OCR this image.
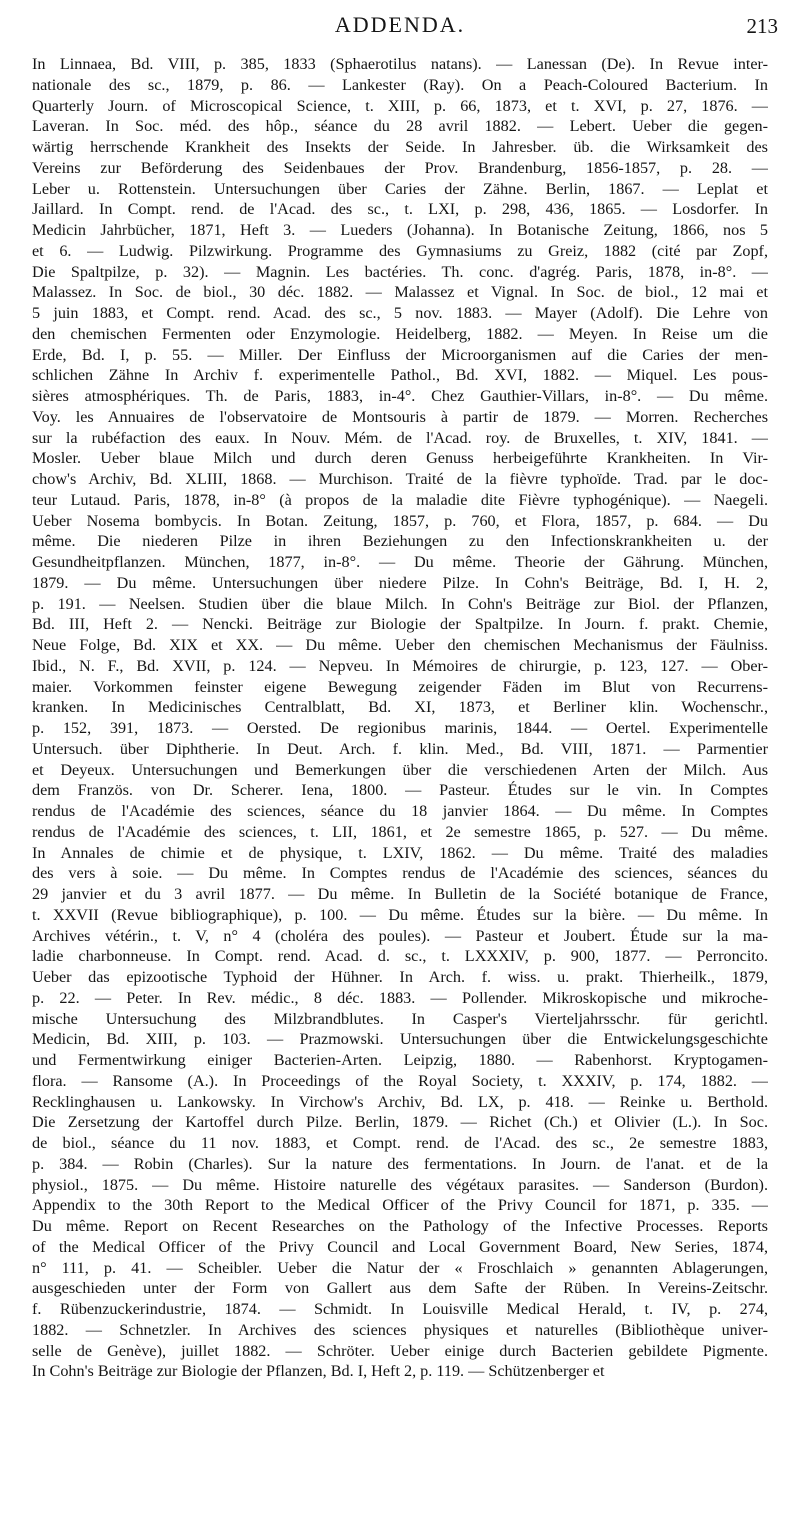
ADDENDA.	213
In Linnaea, Bd. VIII, p. 385, 1833 (Sphaerotilus natans). — Lanessan (De). In Revue inter-
nationale des sc., 1879, p. 86. — Lankester (Ray). On a Peach-Coloured Bacterium. In
Quarterly Journ. of Microscopical Science, t. XIII, p. 66, 1873, et t. XVI, p. 27, 1876. —
Laveran. In Soc. méd. des hôp., séance du 28 avril 1882. — Lebert. Ueber die gegen-
wärtig herrschende Krankheit des Insekts der Seide. In Jahresber. üb. die Wirksamkeit des
Vereins zur Beförderung des Seidenbaues der Prov. Brandenburg, 1856-1857, p. 28. —
Leber u. Rottenstein. Untersuchungen über Caries der Zähne. Berlin, 1867. — Leplat et
Jaillard. In Compt. rend. de l'Acad. des sc., t. LXI, p. 298, 436, 1865. — Losdorfer. In
Medicin Jahrbücher, 1871, Heft 3. — Lueders (Johanna). In Botanische Zeitung, 1866, nos 5
et 6. — Ludwig. Pilzwirkung. Programme des Gymnasiums zu Greiz, 1882 (cité par Zopf,
Die Spaltpilze, p. 32). — Magnin. Les bactéries. Th. conc. d'agrég. Paris, 1878, in-8°. —
Malassez. In Soc. de biol., 30 déc. 1882. — Malassez et Vignal. In Soc. de biol., 12 mai et
5 juin 1883, et Compt. rend. Acad. des sc., 5 nov. 1883. — Mayer (Adolf). Die Lehre von
den chemischen Fermenten oder Enzymologie. Heidelberg, 1882. — Meyen. In Reise um die
Erde, Bd. I, p. 55. — Miller. Der Einfluss der Microorganismen auf die Caries der men-
schlichen Zähne In Archiv f. experimentelle Pathol., Bd. XVI, 1882. — Miquel. Les pous-
sières atmosphériques. Th. de Paris, 1883, in-4°. Chez Gauthier-Villars, in-8°. — Du même.
Voy. les Annuaires de l'observatoire de Montsouris à partir de 1879. — Morren. Recherches
sur la rubéfaction des eaux. In Nouv. Mém. de l'Acad. roy. de Bruxelles, t. XIV, 1841. —
Mosler. Ueber blaue Milch und durch deren Genuss herbeigeführte Krankheiten. In Vir-
chow's Archiv, Bd. XLIII, 1868. — Murchison. Traité de la fièvre typhoïde. Trad. par le doc-
teur Lutaud. Paris, 1878, in-8° (à propos de la maladie dite Fièvre typhogénique). — Naegeli.
Ueber Nosema bombycis. In Botan. Zeitung, 1857, p. 760, et Flora, 1857, p. 684. — Du
même. Die niederen Pilze in ihren Beziehungen zu den Infectionskrankheiten u. der
Gesundheitpflanzen. München, 1877, in-8°. — Du même. Theorie der Gährung. München,
1879. — Du même. Untersuchungen über niedere Pilze. In Cohn's Beiträge, Bd. I, H. 2,
p. 191. — Neelsen. Studien über die blaue Milch. In Cohn's Beiträge zur Biol. der Pflanzen,
Bd. III, Heft 2. — Nencki. Beiträge zur Biologie der Spaltpilze. In Journ. f. prakt. Chemie,
Neue Folge, Bd. XIX et XX. — Du même. Ueber den chemischen Mechanismus der Fäulniss.
Ibid., N. F., Bd. XVII, p. 124. — Nepveu. In Mémoires de chirurgie, p. 123, 127. — Ober-
maier. Vorkommen feinster eigene Bewegung zeigender Fäden im Blut von Recurrens-
kranken. In Medicinisches Centralblatt, Bd. XI, 1873, et Berliner klin. Wochenschr.,
p. 152, 391, 1873. — Oersted. De regionibus marinis, 1844. — Oertel. Experimentelle
Untersuch. über Diphtherie. In Deut. Arch. f. klin. Med., Bd. VIII, 1871. — Parmentier
et Deyeux. Untersuchungen und Bemerkungen über die verschiedenen Arten der Milch. Aus
dem Französ. von Dr. Scherer. Iena, 1800. — Pasteur. Études sur le vin. In Comptes
rendus de l'Académie des sciences, séance du 18 janvier 1864. — Du même. In Comptes
rendus de l'Académie des sciences, t. LII, 1861, et 2e semestre 1865, p. 527. — Du même.
In Annales de chimie et de physique, t. LXIV, 1862. — Du même. Traité des maladies
des vers à soie. — Du même. In Comptes rendus de l'Académie des sciences, séances du
29 janvier et du 3 avril 1877. — Du même. In Bulletin de la Société botanique de France,
t. XXVII (Revue bibliographique), p. 100. — Du même. Études sur la bière. — Du même. In
Archives vétérin., t. V, n° 4 (choléra des poules). — Pasteur et Joubert. Étude sur la ma-
ladie charbonneuse. In Compt. rend. Acad. d. sc., t. LXXXIV, p. 900, 1877. — Perroncito.
Ueber das epizootische Typhoid der Hühner. In Arch. f. wiss. u. prakt. Thierheilk., 1879,
p. 22. — Peter. In Rev. médic., 8 déc. 1883. — Pollender. Mikroskopische und mikroche-
mische Untersuchung des Milzbrandblutes. In Casper's Vierteljahrsschr. für gerichtl.
Medicin, Bd. XIII, p. 103. — Prazmowski. Untersuchungen über die Entwickelungsgeschichte
und Fermentwirkung einiger Bacterien-Arten. Leipzig, 1880. — Rabenhorst. Kryptogamen-
flora. — Ransome (A.). In Proceedings of the Royal Society, t. XXXIV, p. 174, 1882. —
Recklinghausen u. Lankowsky. In Virchow's Archiv, Bd. LX, p. 418. — Reinke u. Berthold.
Die Zersetzung der Kartoffel durch Pilze. Berlin, 1879. — Richet (Ch.) et Olivier (L.). In Soc.
de biol., séance du 11 nov. 1883, et Compt. rend. de l'Acad. des sc., 2e semestre 1883,
p. 384. — Robin (Charles). Sur la nature des fermentations. In Journ. de l'anat. et de la
physiol., 1875. — Du même. Histoire naturelle des végétaux parasites. — Sanderson (Burdon).
Appendix to the 30th Report to the Medical Officer of the Privy Council for 1871, p. 335. —
Du même. Report on Recent Researches on the Pathology of the Infective Processes. Reports
of the Medical Officer of the Privy Council and Local Government Board, New Series, 1874,
n° 111, p. 41. — Scheibler. Ueber die Natur der « Froschlaich » genannten Ablagerungen,
ausgeschieden unter der Form von Gallert aus dem Safte der Rüben. In Vereins-Zeitschr.
f. Rübenzuckerindustrie, 1874. — Schmidt. In Louisville Medical Herald, t. IV, p. 274,
1882. — Schnetzler. In Archives des sciences physiques et naturelles (Bibliothèque univer-
selle de Genève), juillet 1882. — Schröter. Ueber einige durch Bacterien gebildete Pigmente.
In Cohn's Beiträge zur Biologie der Pflanzen, Bd. I, Heft 2, p. 119. — Schützenberger et
